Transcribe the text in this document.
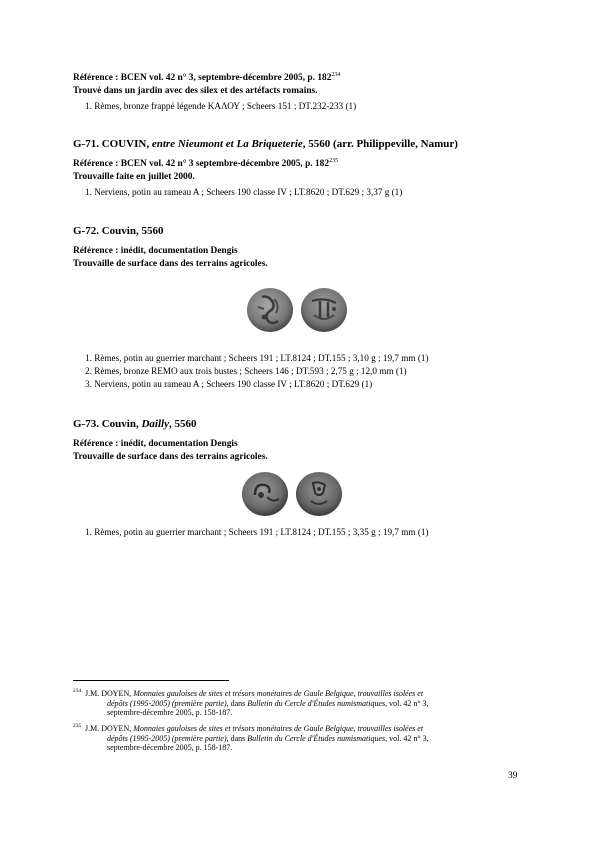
Référence : BCEN vol. 42 n° 3, septembre-décembre 2005, p. $182^{234}$
Trouvé dans un jardin avec des silex et des artéfacts romains.
1. Rèmes, bronze frappé légende ΚΑΛΟΥ ; Scheers 151 ; DT.232-233 (1)
G-71. COUVIN, entre Nieumont et La Briqueterie, 5560 (arr. Philippeville, Namur)
Référence : BCEN vol. 42 n° 3 septembre-décembre 2005, p. $182^{235}$
Trouvaille faite en juillet 2000.
1. Nerviens, potin au rameau A ; Scheers 190 classe IV ; LT.8620 ; DT.629 ; 3,37 g (1)
G-72. Couvin, 5560
Référence : inédit, documentation Dengis
Trouvaille de surface dans des terrains agricoles.
1. Rèmes, potin au guerrier marchant ; Scheers 191 ; LT.8124 ; DT.155 ; 3,10 g ; 19,7 mm (1)
2. Rèmes, bronze REMO aux trois bustes ; Scheers 146 ; DT.593 ; 2,75 g ; 12,0 mm (1)
3. Nerviens, potin au rameau A ; Scheers 190 classe IV ; LT.8620 ; DT.629 (1)
G-73. Couvin, Dailly, 5560
Référence : inédit, documentation Dengis
Trouvaille de surface dans des terrains agricoles.
1. Rèmes, potin au guerrier marchant ; Scheers 191 ; LT.8124 ; DT.155 ; 3,35 g ; 19,7 mm (1)
234 J.M. DOYEN, Monnaies gauloises de sites et trésors monétaires de Gaule Belgique, trouvailles isolées et
dépôts (1995-2005) (première partie), dans Bulletin du Cercle d'Études numismatiques, vol. 42 n° 3,
septembre-décembre 2005, p. 158-187.
235 J.M. DOYEN, Monnaies gauloises de sites et trésors monétaires de Gaule Belgique, trouvailles isolées et
dépôts (1995-2005) (première partie), dans Bulletin du Cercle d'Études numismatiques, vol. 42 n° 3,
septembre-décembre 2005, p. 158-187.
39
